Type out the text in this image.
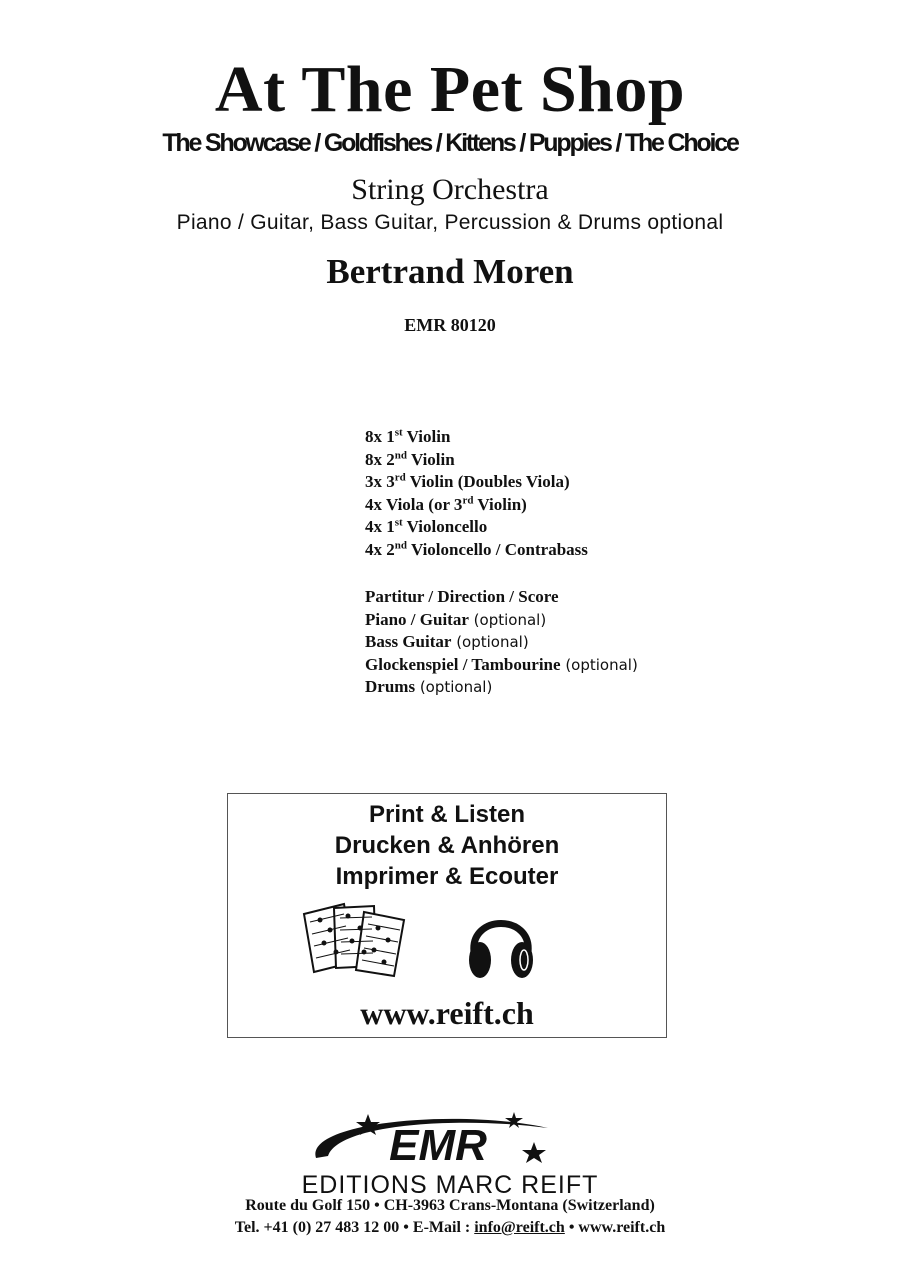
At The Pet Shop
The Showcase / Goldfishes / Kittens / Puppies / The Choice
String Orchestra
Piano / Guitar, Bass Guitar, Percussion & Drums optional
Bertrand Moren
EMR 80120
8x 1st Violin
8x 2nd Violin
3x 3rd Violin (Doubles Viola)
4x Viola (or 3rd Violin)
4x 1st Violoncello
4x 2nd Violoncello / Contrabass
Partitur / Direction / Score
Piano / Guitar (optional)
Bass Guitar (optional)
Glockenspiel / Tambourine (optional)
Drums (optional)
Print & Listen
Drucken & Anhören
Imprimer & Ecouter
www.reift.ch
EMR
EDITIONS MARC REIFT
Route du Golf 150 • CH-3963 Crans-Montana (Switzerland)
Tel. +41 (0) 27 483 12 00 • E-Mail : info@reift.ch • www.reift.ch
